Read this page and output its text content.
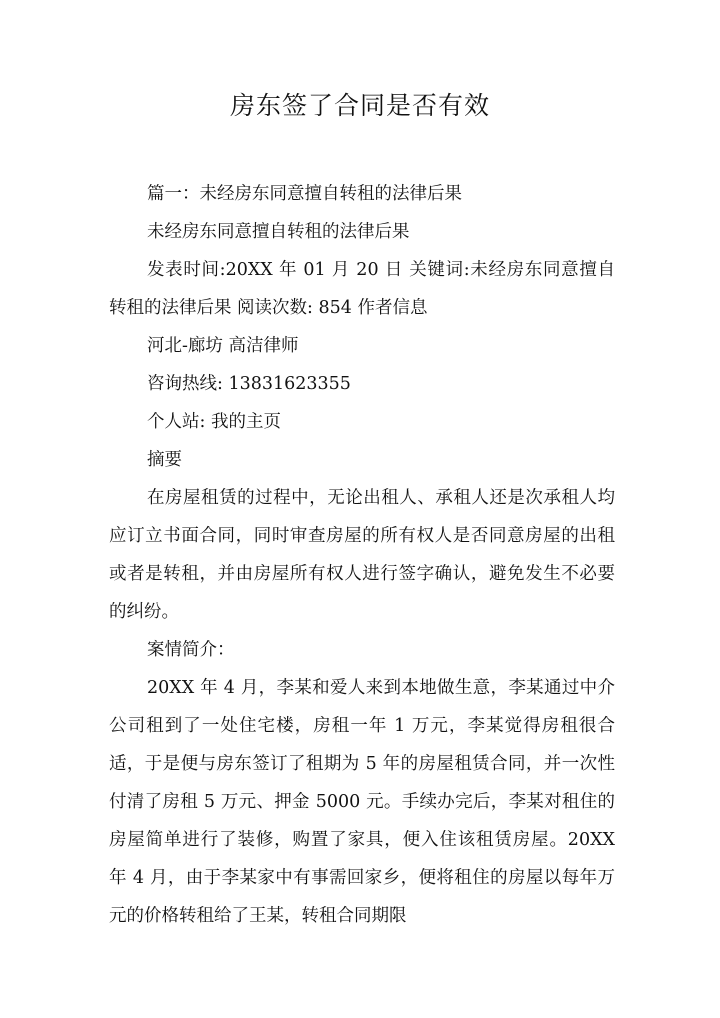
房东签了合同是否有效

篇一：未经房东同意擅自转租的法律后果

未经房东同意擅自转租的法律后果

发表时间:20XX 年 01 月 20 日 关键词:未经房东同意擅自转租的法律后果 阅读次数: 854 作者信息

河北-廊坊 高洁律师

咨询热线: 13831623355

个人站: 我的主页

摘要

在房屋租赁的过程中，无论出租人、承租人还是次承租人均应订立书面合同，同时审查房屋的所有权人是否同意房屋的出租或者是转租，并由房屋所有权人进行签字确认，避免发生不必要的纠纷。

案情简介：

20XX 年 4 月，李某和爱人来到本地做生意，李某通过中介公司租到了一处住宅楼，房租一年 1 万元，李某觉得房租很合适，于是便与房东签订了租期为 5 年的房屋租赁合同，并一次性付清了房租 5 万元、押金 5000 元。手续办完后，李某对租住的房屋简单进行了装修，购置了家具，便入住该租赁房屋。20XX 年 4 月，由于李某家中有事需回家乡，便将租住的房屋以每年万元的价格转租给了王某，转租合同期限
